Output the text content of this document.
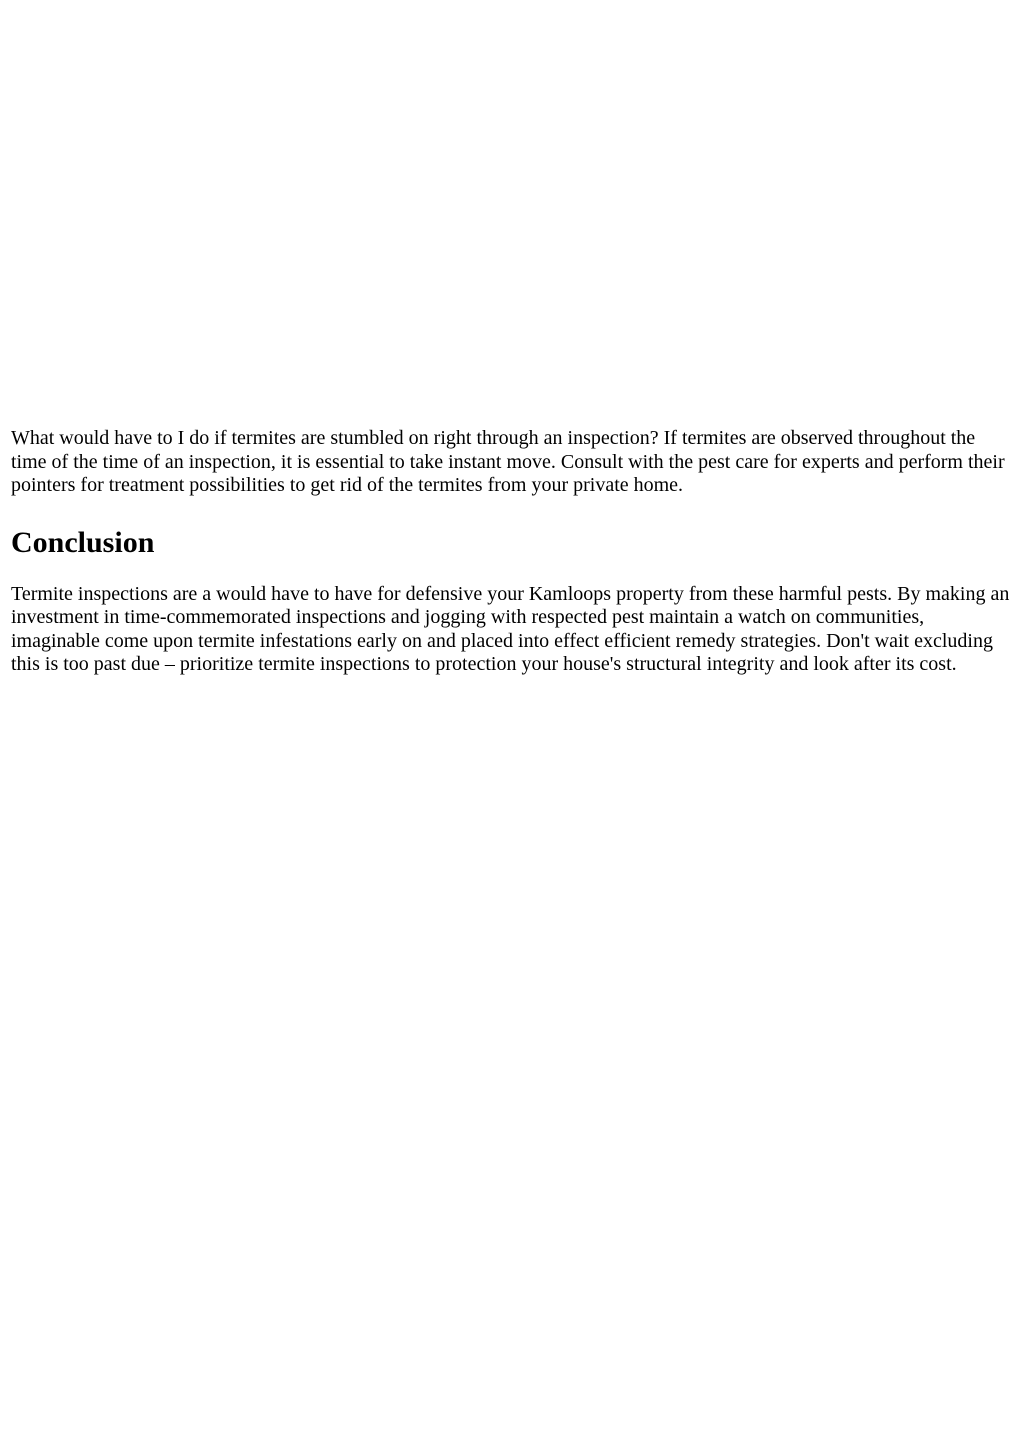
What would have to I do if termites are stumbled on right through an inspection? If termites are observed throughout the time of the time of an inspection, it is essential to take instant move. Consult with the pest care for experts and perform their pointers for treatment possibilities to get rid of the termites from your private home.

Conclusion

Termite inspections are a would have to have for defensive your Kamloops property from these harmful pests. By making an investment in time-commemorated inspections and jogging with respected pest maintain a watch on communities, imaginable come upon termite infestations early on and placed into effect efficient remedy strategies. Don't wait excluding this is too past due – prioritize termite inspections to protection your house's structural integrity and look after its cost.
